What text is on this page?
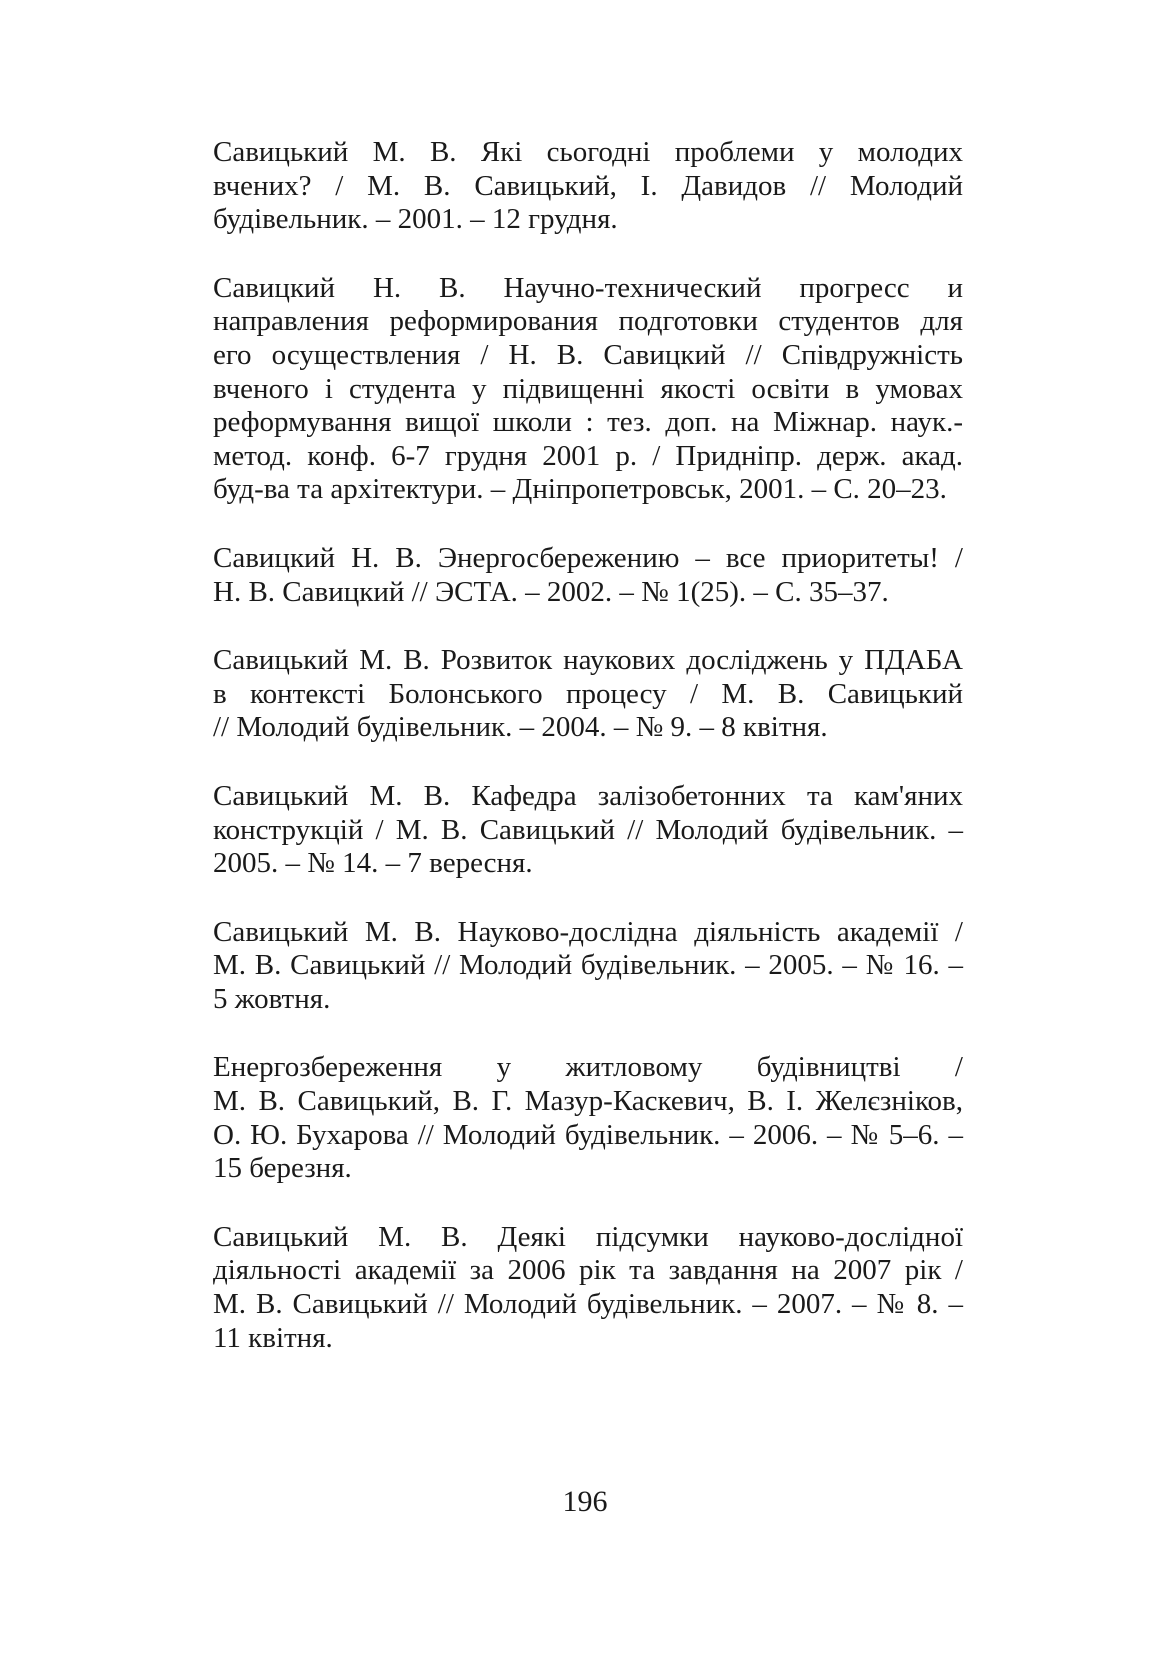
Савицький М. В. Які сьогодні проблеми у молодих
вчених? / М. В. Савицький, І. Давидов // Молодий
будівельник. – 2001. – 12 грудня.
Савицкий Н. В. Научно-технический прогресс и
направления реформирования подготовки студентов для
его осуществления / Н. В. Савицкий // Співдружність
вченого і студента у підвищенні якості освіти в умовах
реформування вищої школи : тез. доп. на Міжнар. наук.-
метод. конф. 6-7 грудня 2001 р. / Придніпр. держ. акад.
буд-ва та архітектури. – Дніпропетровськ, 2001. – С. 20–23.
Савицкий Н. В. Энергосбережению – все приоритеты! /
Н. В. Савицкий // ЭСТА. – 2002. – № 1(25). – С. 35–37.
Савицький М. В. Розвиток наукових досліджень у ПДАБА
в контексті Болонського процесу / М. В. Савицький
// Молодий будівельник. – 2004. – № 9. – 8 квітня.
Савицький М. В. Кафедра залізобетонних та кам'яних
конструкцій / М. В. Савицький // Молодий будівельник. –
2005. – № 14. – 7 вересня.
Савицький М. В. Науково-дослідна діяльність академії /
М. В. Савицький // Молодий будівельник. – 2005. – № 16. –
5 жовтня.
Енергозбереження у житловому будівництві /
М. В. Савицький, В. Г. Мазур-Каскевич, В. І. Желєзніков,
О. Ю. Бухарова // Молодий будівельник. – 2006. – № 5–6. –
15 березня.
Савицький М. В. Деякі підсумки науково-дослідної
діяльності академії за 2006 рік та завдання на 2007 рік /
М. В. Савицький // Молодий будівельник. – 2007. – № 8. –
11 квітня.
196
